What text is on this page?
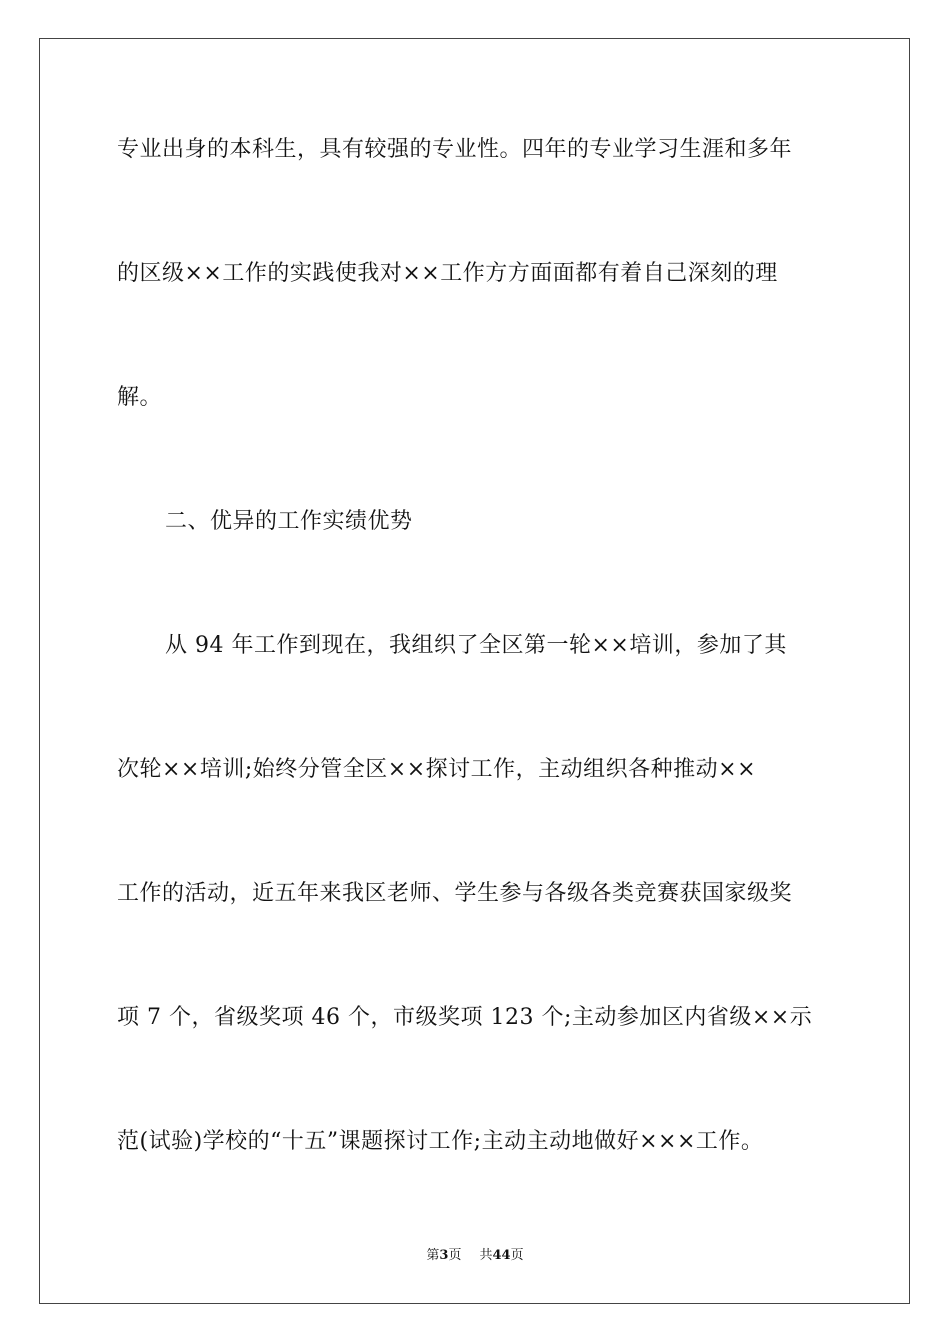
专业出身的本科生，具有较强的专业性。四年的专业学习生涯和多年
的区级××工作的实践使我对××工作方方面面都有着自己深刻的理
解。
二、优异的工作实绩优势
从 94 年工作到现在，我组织了全区第一轮××培训，参加了其
次轮××培训;始终分管全区××探讨工作，主动组织各种推动××
工作的活动，近五年来我区老师、学生参与各级各类竞赛获国家级奖
项 7 个，省级奖项 46 个，市级奖项 123 个;主动参加区内省级××示
范(试验)学校的“十五”课题探讨工作;主动主动地做好×××工作。
第3页 共44页
